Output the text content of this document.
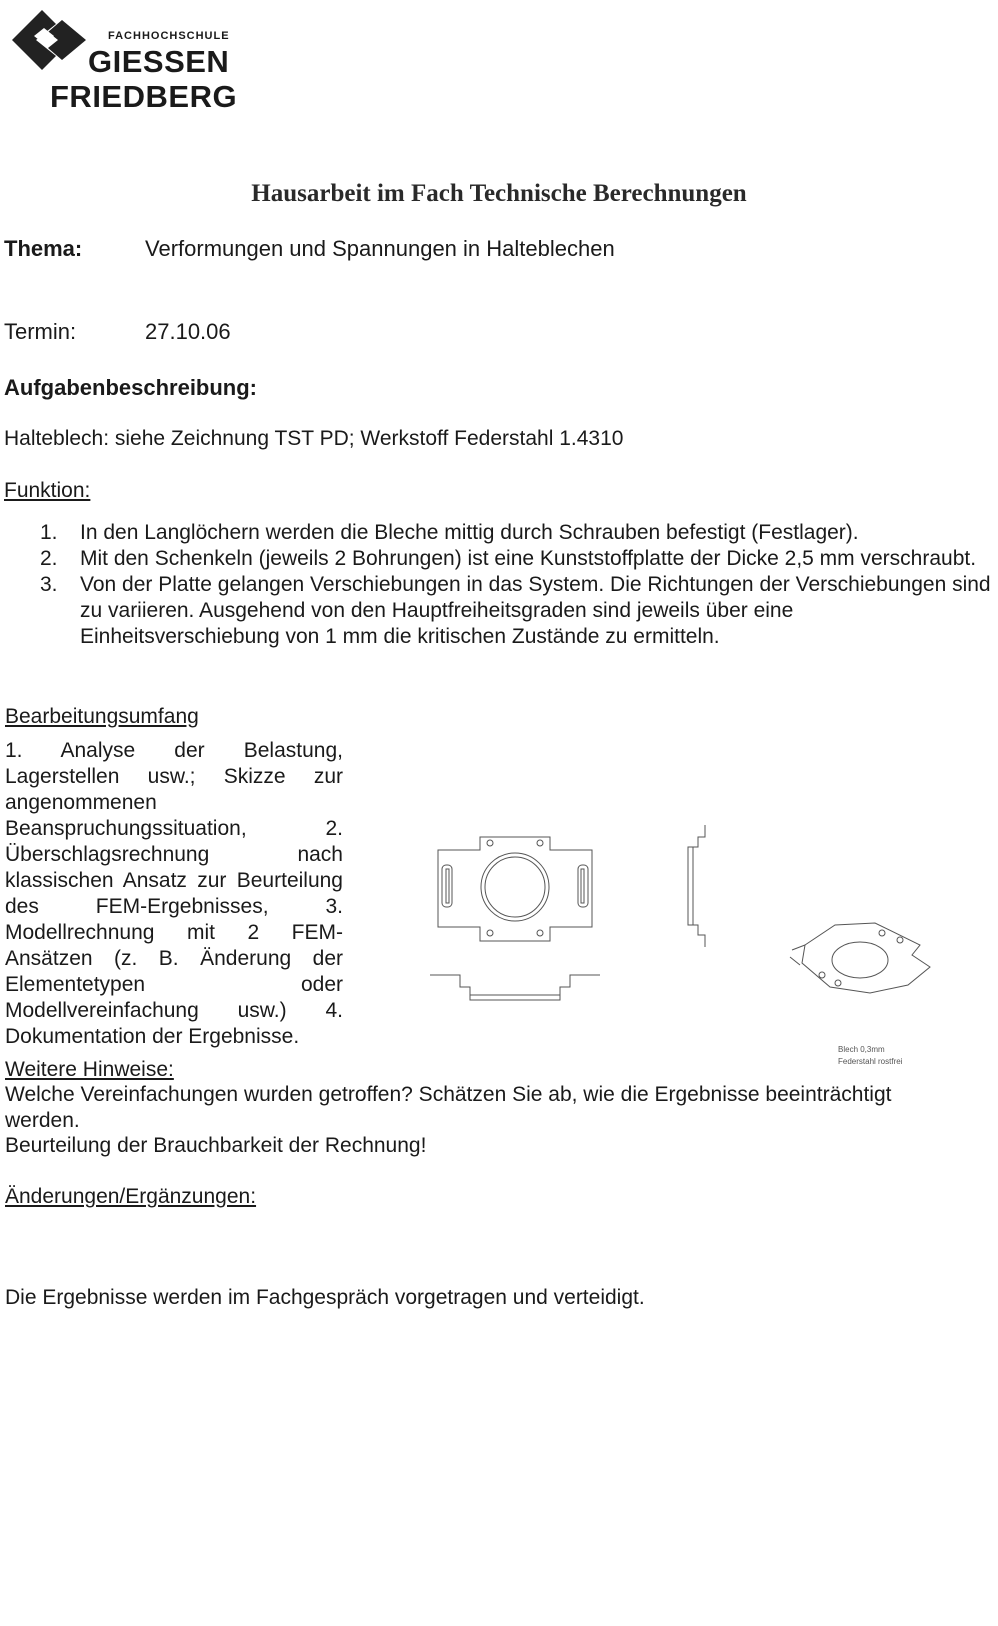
FACHHOCHSCHULE
GIESSEN
FRIEDBERG
Hausarbeit im Fach Technische Berechnungen
Thema:	Verformungen und Spannungen in Halteblechen
Termin:	27.10.06
Aufgabenbeschreibung:
Halteblech: siehe Zeichnung TST PD; Werkstoff Federstahl 1.4310
Funktion:
1. In den Langlöchern werden die Bleche mittig durch Schrauben befestigt (Festlager).
2. Mit den Schenkeln (jeweils 2 Bohrungen) ist eine Kunststoffplatte der Dicke 2,5 mm verschraubt.
3. Von der Platte gelangen Verschiebungen in das System. Die Richtungen der Verschiebungen sind zu variieren. Ausgehend von den Hauptfreiheitsgraden sind jeweils über eine Einheitsverschiebung von 1 mm die kritischen Zustände zu ermitteln.
Bearbeitungsumfang
1. Analyse der Belastung, Lagerstellen usw.; Skizze zur angenommenen Beanspruchungssituation, 2. Überschlagsrechnung nach klassischen Ansatz zur Beurteilung des FEM-Ergebnisses, 3. Modellrechnung mit 2 FEM-Ansätzen (z. B. Änderung der Elementetypen oder Modellvereinfachung usw.) 4. Dokumentation der Ergebnisse.
Blech 0,3mm
Federstahl rostfrei
Weitere Hinweise:
Welche Vereinfachungen wurden getroffen? Schätzen Sie ab, wie die Ergebnisse beeinträchtigt werden.
Beurteilung der Brauchbarkeit der Rechnung!
Änderungen/Ergänzungen:
Die Ergebnisse werden im Fachgespräch vorgetragen und verteidigt.
